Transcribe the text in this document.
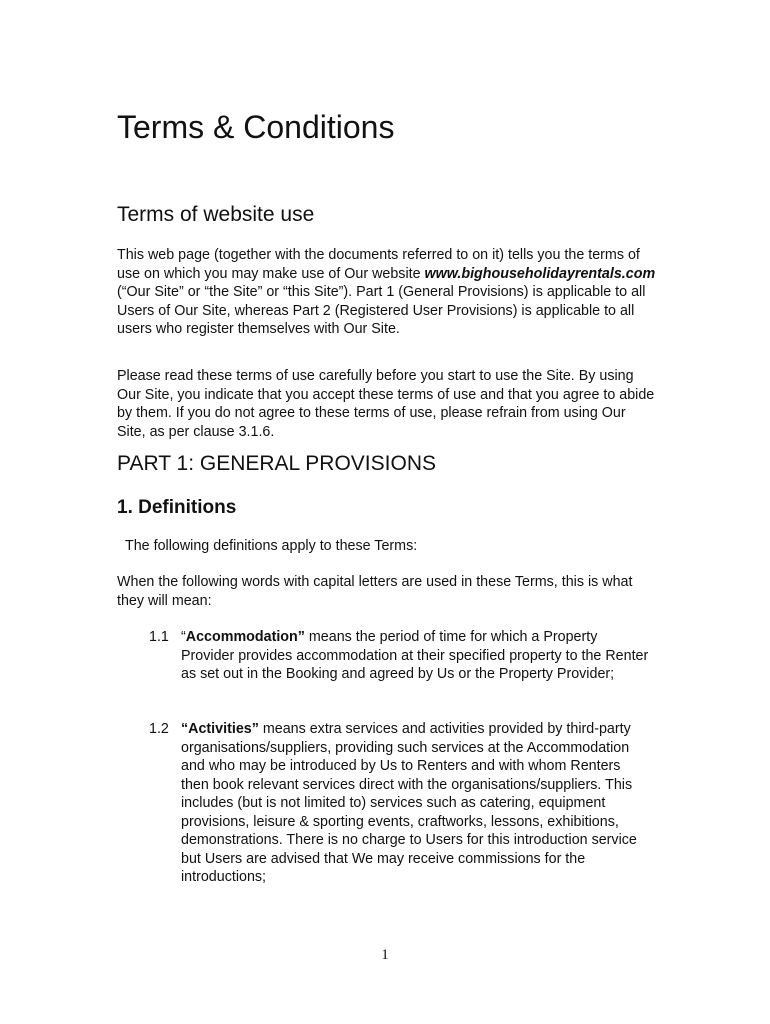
Terms & Conditions
Terms of website use

This web page (together with the documents referred to on it) tells you the terms of use on which you may make use of Our website www.bighouseholidayrentals.com (“Our Site” or “the Site” or “this Site”). Part 1 (General Provisions) is applicable to all Users of Our Site, whereas Part 2 (Registered User Provisions) is applicable to all users who register themselves with Our Site.

Please read these terms of use carefully before you start to use the Site. By using Our Site, you indicate that you accept these terms of use and that you agree to abide by them. If you do not agree to these terms of use, please refrain from using Our Site, as per clause 3.1.6.

PART 1: GENERAL PROVISIONS
1. Definitions
The following definitions apply to these Terms:
When the following words with capital letters are used in these Terms, this is what they will mean:
1.1 “Accommodation” means the period of time for which a Property Provider provides accommodation at their specified property to the Renter as set out in the Booking and agreed by Us or the Property Provider;
1.2 “Activities” means extra services and activities provided by third-party organisations/suppliers, providing such services at the Accommodation and who may be introduced by Us to Renters and with whom Renters then book relevant services direct with the organisations/suppliers. This includes (but is not limited to) services such as catering, equipment provisions, leisure & sporting events, craftworks, lessons, exhibitions, demonstrations. There is no charge to Users for this introduction service but Users are advised that We may receive commissions for the introductions;
1
